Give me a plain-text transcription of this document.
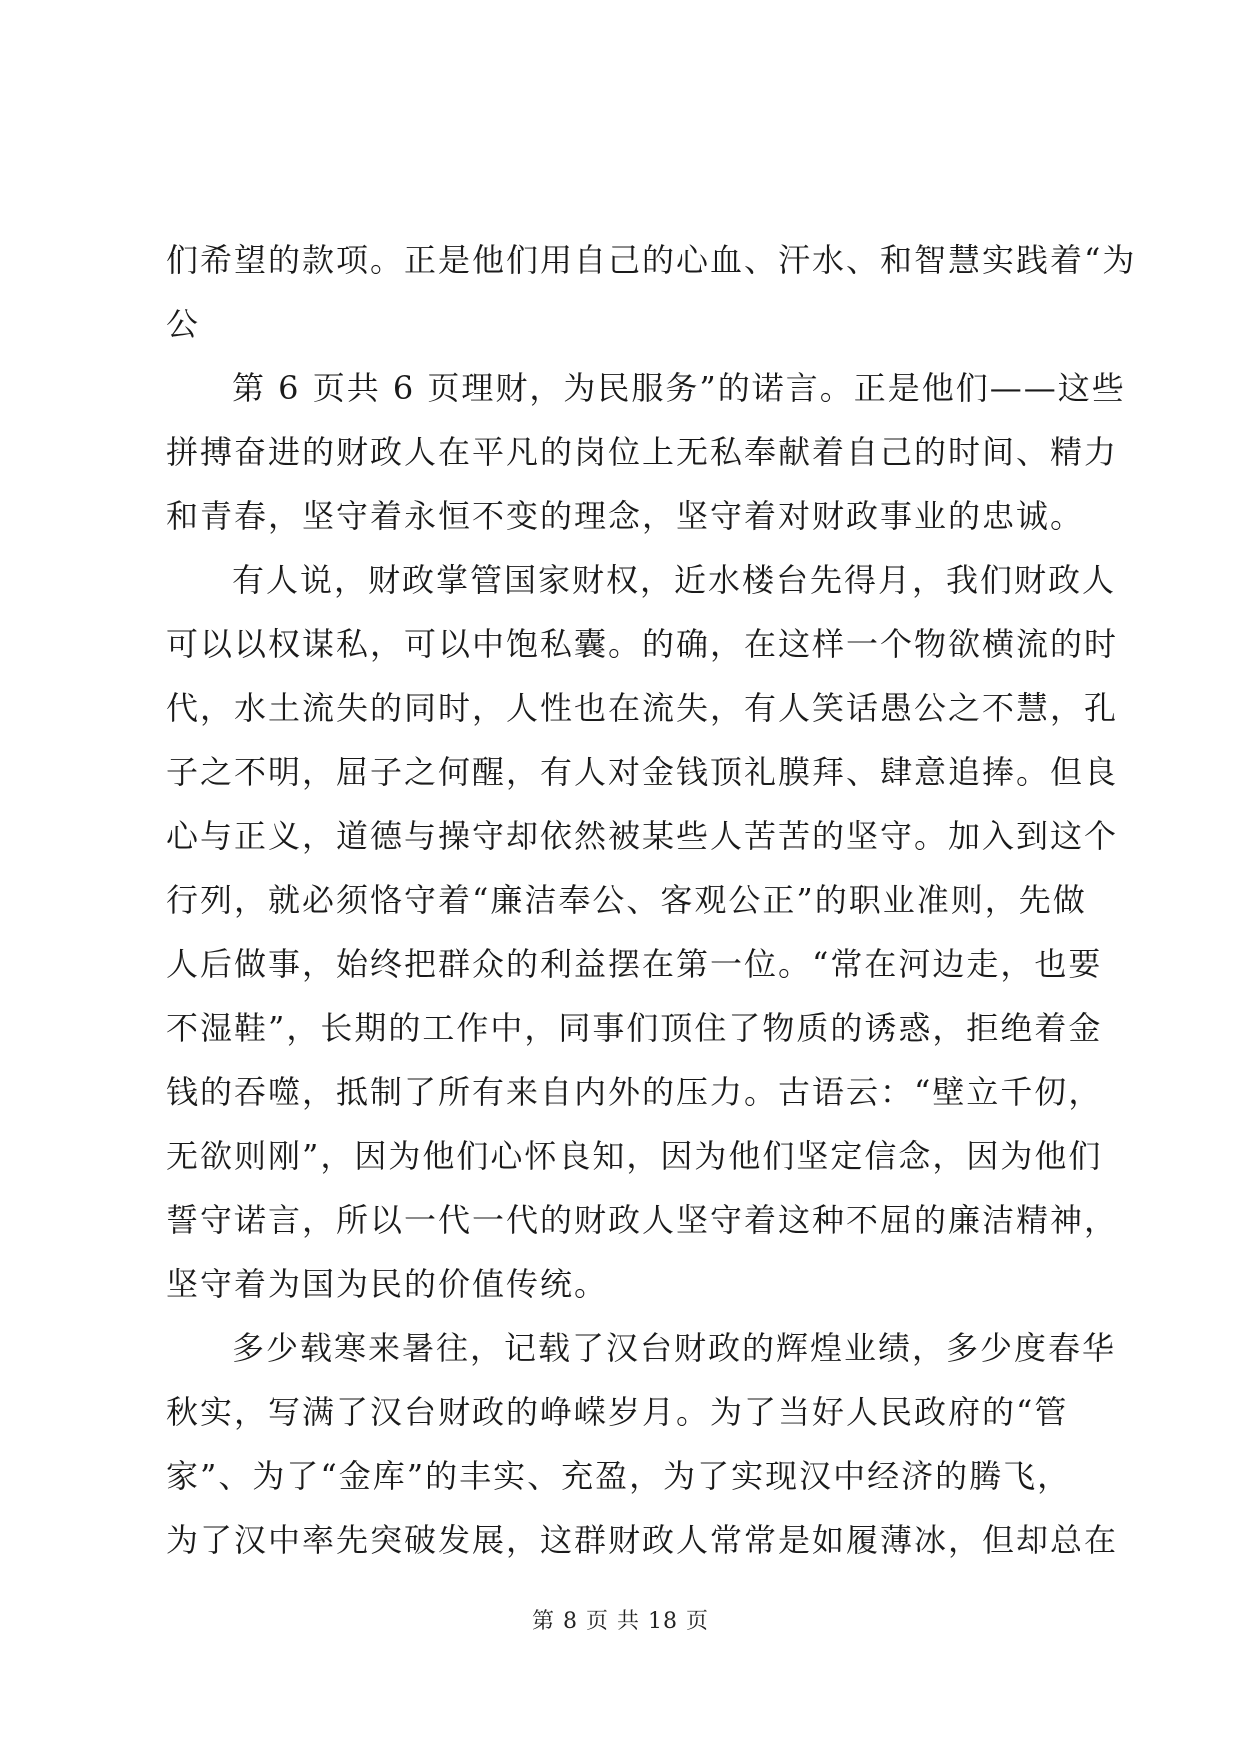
们希望的款项。正是他们用自己的心血、汗水、和智慧实践着“为
公
第 6 页共 6 页理财，为民服务”的诺言。正是他们——这些
拼搏奋进的财政人在平凡的岗位上无私奉献着自己的时间、精力
和青春，坚守着永恒不变的理念，坚守着对财政事业的忠诚。
有人说，财政掌管国家财权，近水楼台先得月，我们财政人
可以以权谋私，可以中饱私囊。的确，在这样一个物欲横流的时
代，水土流失的同时，人性也在流失，有人笑话愚公之不慧，孔
子之不明，屈子之何醒，有人对金钱顶礼膜拜、肆意追捧。但良
心与正义，道德与操守却依然被某些人苦苦的坚守。加入到这个
行列，就必须恪守着“廉洁奉公、客观公正”的职业准则，先做
人后做事，始终把群众的利益摆在第一位。“常在河边走，也要
不湿鞋”，长期的工作中，同事们顶住了物质的诱惑，拒绝着金
钱的吞噬，抵制了所有来自内外的压力。古语云：“壁立千仞，
无欲则刚”，因为他们心怀良知，因为他们坚定信念，因为他们
誓守诺言，所以一代一代的财政人坚守着这种不屈的廉洁精神，
坚守着为国为民的价值传统。
多少载寒来暑往，记载了汉台财政的辉煌业绩，多少度春华
秋实，写满了汉台财政的峥嵘岁月。为了当好人民政府的“管
家”、为了“金库”的丰实、充盈，为了实现汉中经济的腾飞，
为了汉中率先突破发展，这群财政人常常是如履薄冰，但却总在
第 8 页 共 18 页
